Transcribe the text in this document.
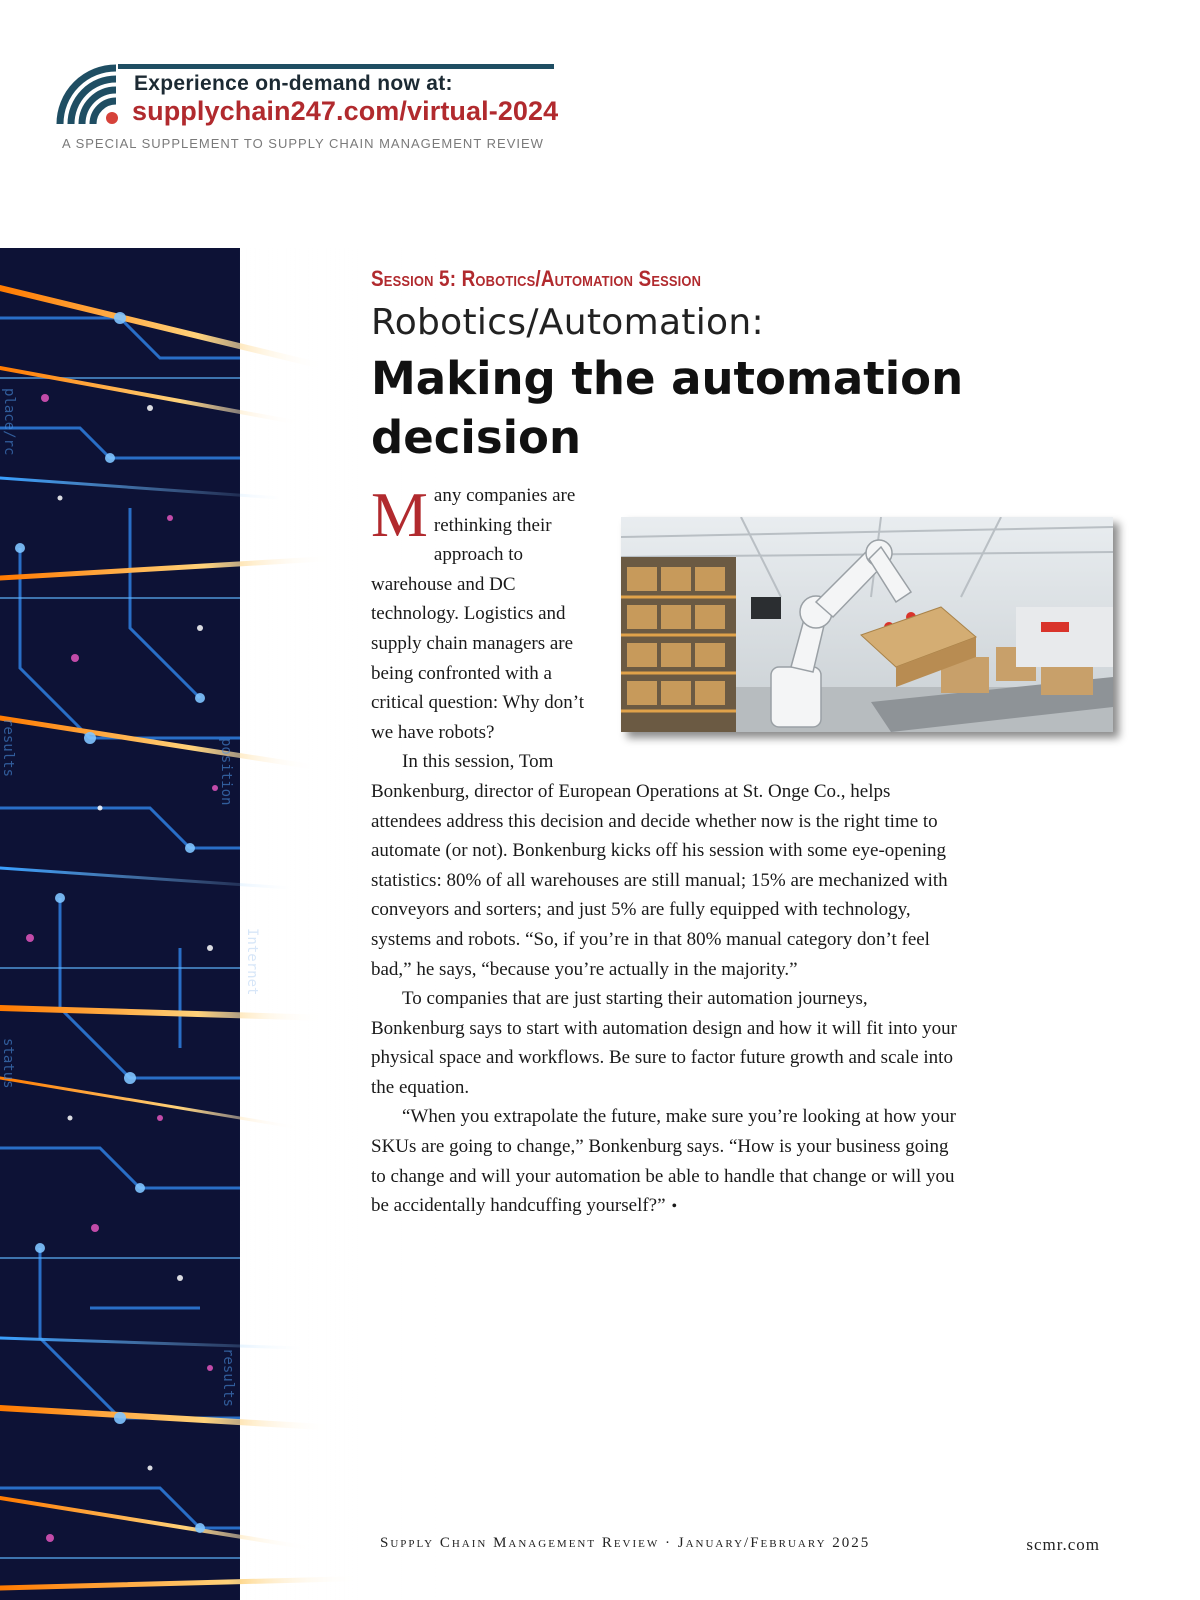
Experience on-demand now at:
supplychain247.com/virtual-2024
A SPECIAL SUPPLEMENT TO SUPPLY CHAIN MANAGEMENT REVIEW
place/rc
results	position
status
results
Session 5: Robotics/Automation Session
Robotics/Automation:
Making the automation decision

Many companies are rethinking their approach to warehouse and DC technology. Logistics and supply chain managers are being confronted with a critical question: Why don’t we have robots?

In this session, Tom Bonkenburg, director of European Operations at St. Onge Co., helps attendees address this decision and decide whether now is the right time to automate (or not). Bonkenburg kicks off his session with some eye-opening statistics: 80% of all warehouses are still manual; 15% are mechanized with conveyors and sorters; and just 5% are fully equipped with technology, systems and robots. “So, if you’re in that 80% manual category don’t feel bad,” he says, “because you’re actually in the majority.”

To companies that are just starting their automation journeys, Bonkenburg says to start with automation design and how it will fit into your physical space and workflows. Be sure to factor future growth and scale into the equation.

“When you extrapolate the future, make sure you’re looking at how your SKUs are going to change,” Bonkenburg says. “How is your business going to change and will your automation be able to handle that change or will you be accidentally handcuffing yourself?” •

Supply Chain Management Review · January/February 2025	scmr.com
